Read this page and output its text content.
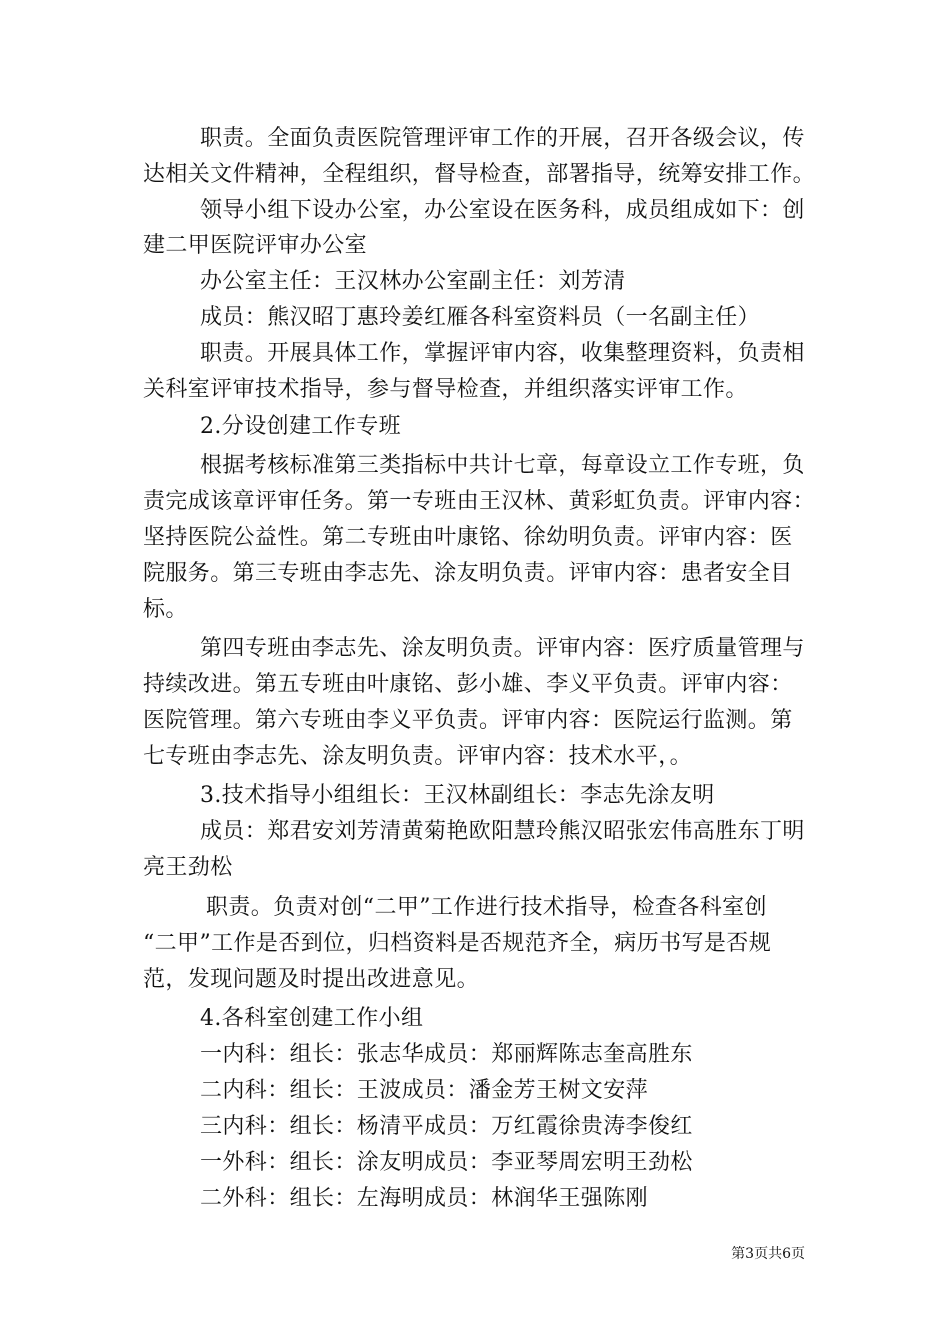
职责。全面负责医院管理评审工作的开展，召开各级会议，传
达相关文件精神，全程组织，督导检查，部署指导，统筹安排工作。
领导小组下设办公室，办公室设在医务科，成员组成如下：创
建二甲医院评审办公室
办公室主任：王汉林办公室副主任：刘芳清
成员：熊汉昭丁惠玲姜红雁各科室资料员（一名副主任）
职责。开展具体工作，掌握评审内容，收集整理资料，负责相
关科室评审技术指导，参与督导检查，并组织落实评审工作。
2.分设创建工作专班
根据考核标准第三类指标中共计七章，每章设立工作专班，负
责完成该章评审任务。第一专班由王汉林、黄彩虹负责。评审内容：
坚持医院公益性。第二专班由叶康铭、徐幼明负责。评审内容：医
院服务。第三专班由李志先、涂友明负责。评审内容：患者安全目
标。
第四专班由李志先、涂友明负责。评审内容：医疗质量管理与
持续改进。第五专班由叶康铭、彭小雄、李义平负责。评审内容：
医院管理。第六专班由李义平负责。评审内容：医院运行监测。第
七专班由李志先、涂友明负责。评审内容：技术水平，。
3.技术指导小组组长：王汉林副组长：李志先涂友明
成员：郑君安刘芳清黄菊艳欧阳慧玲熊汉昭张宏伟高胜东丁明
亮王劲松
职责。负责对创“二甲”工作进行技术指导，检查各科室创
“二甲”工作是否到位，归档资料是否规范齐全，病历书写是否规
范，发现问题及时提出改进意见。
4.各科室创建工作小组
一内科：组长：张志华成员：郑丽辉陈志奎高胜东
二内科：组长：王波成员：潘金芳王树文安萍
三内科：组长：杨清平成员：万红霞徐贵涛李俊红
一外科：组长：涂友明成员：李亚琴周宏明王劲松
二外科：组长：左海明成员：林润华王强陈刚
第3页共6页
